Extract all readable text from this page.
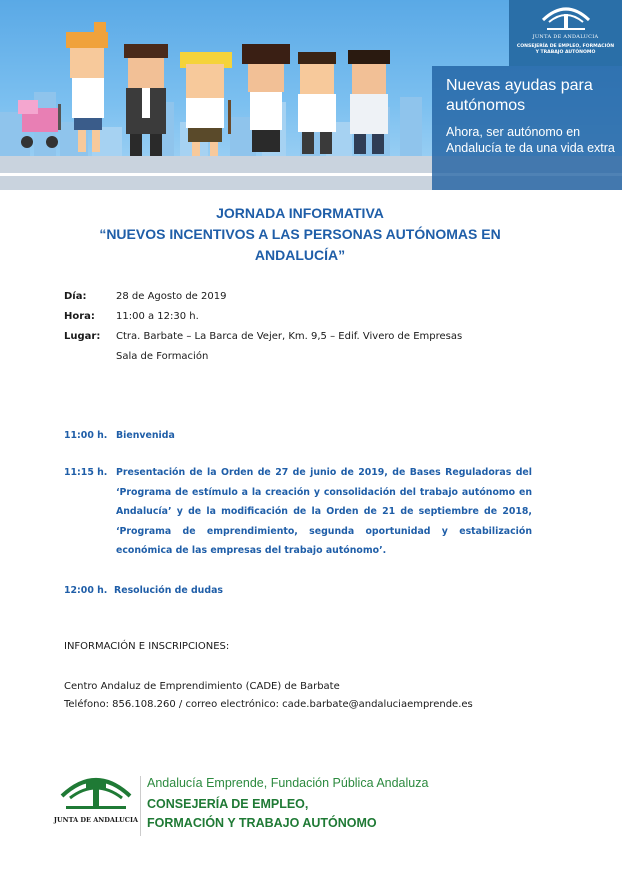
JUNTA DE ANDALUCIA
CONSEJERÍA DE EMPLEO, FORMACIÓN
Y TRABAJO AUTÓNOMO
Nuevas ayudas para
autónomos
Ahora, ser autónomo en
Andalucía te da una vida extra
JORNADA INFORMATIVA
“NUEVOS INCENTIVOS A LAS PERSONAS AUTÓNOMAS EN
ANDALUCÍA”
Día:	28 de Agosto de 2019
Hora:	11:00 a 12:30 h.
Lugar:	Ctra. Barbate – La Barca de Vejer, Km. 9,5 – Edif. Vivero de Empresas
Sala de Formación
11:00 h. Bienvenida
11:15 h. Presentación de la Orden de 27 de junio de 2019, de Bases Reguladoras del ‘Programa de estímulo a la creación y consolidación del trabajo autónomo en Andalucía’ y de la modificación de la Orden de 21 de septiembre de 2018, ‘Programa de emprendimiento, segunda oportunidad y estabilización económica de las empresas del trabajo autónomo’.
12:00 h. Resolución de dudas
INFORMACIÓN E INSCRIPCIONES:
Centro Andaluz de Emprendimiento (CADE) de Barbate
Teléfono: 856.108.260 / correo electrónico: cade.barbate@andaluciaemprende.es
JUNTA DE ANDALUCIA
Andalucía Emprende, Fundación Pública Andaluza
CONSEJERÍA DE EMPLEO,
FORMACIÓN Y TRABAJO AUTÓNOMO
